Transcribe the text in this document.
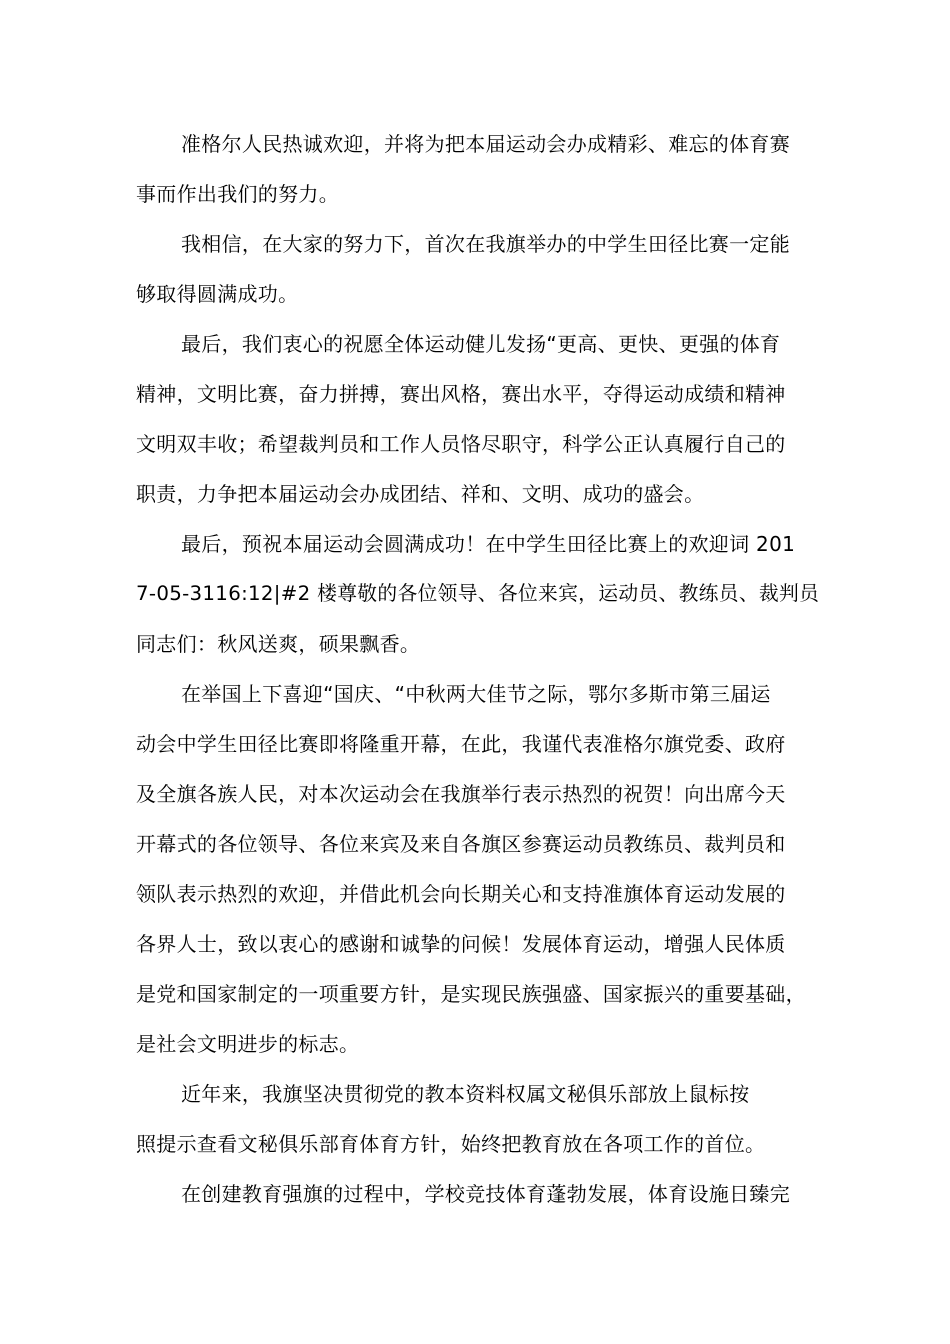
准格尔人民热诚欢迎，并将为把本届运动会办成精彩、难忘的体育赛
事而作出我们的努力。
我相信，在大家的努力下，首次在我旗举办的中学生田径比赛一定能
够取得圆满成功。
最后，我们衷心的祝愿全体运动健儿发扬“更高、更快、更强的体育
精神，文明比赛，奋力拼搏，赛出风格，赛出水平，夺得运动成绩和精神
文明双丰收；希望裁判员和工作人员恪尽职守，科学公正认真履行自己的
职责，力争把本届运动会办成团结、祥和、文明、成功的盛会。
最后，预祝本届运动会圆满成功！在中学生田径比赛上的欢迎词 201
7-05-3116:12|#2 楼尊敬的各位领导、各位来宾，运动员、教练员、裁判员
同志们：秋风送爽，硕果飘香。
在举国上下喜迎“国庆、“中秋两大佳节之际，鄂尔多斯市第三届运
动会中学生田径比赛即将隆重开幕，在此，我谨代表准格尔旗党委、政府
及全旗各族人民，对本次运动会在我旗举行表示热烈的祝贺！向出席今天
开幕式的各位领导、各位来宾及来自各旗区参赛运动员教练员、裁判员和
领队表示热烈的欢迎，并借此机会向长期关心和支持准旗体育运动发展的
各界人士，致以衷心的感谢和诚挚的问候！发展体育运动，增强人民体质
是党和国家制定的一项重要方针，是实现民族强盛、国家振兴的重要基础，
是社会文明进步的标志。
近年来，我旗坚决贯彻党的教本资料权属文秘俱乐部放上鼠标按
照提示查看文秘俱乐部育体育方针，始终把教育放在各项工作的首位。
在创建教育强旗的过程中，学校竞技体育蓬勃发展，体育设施日臻完
